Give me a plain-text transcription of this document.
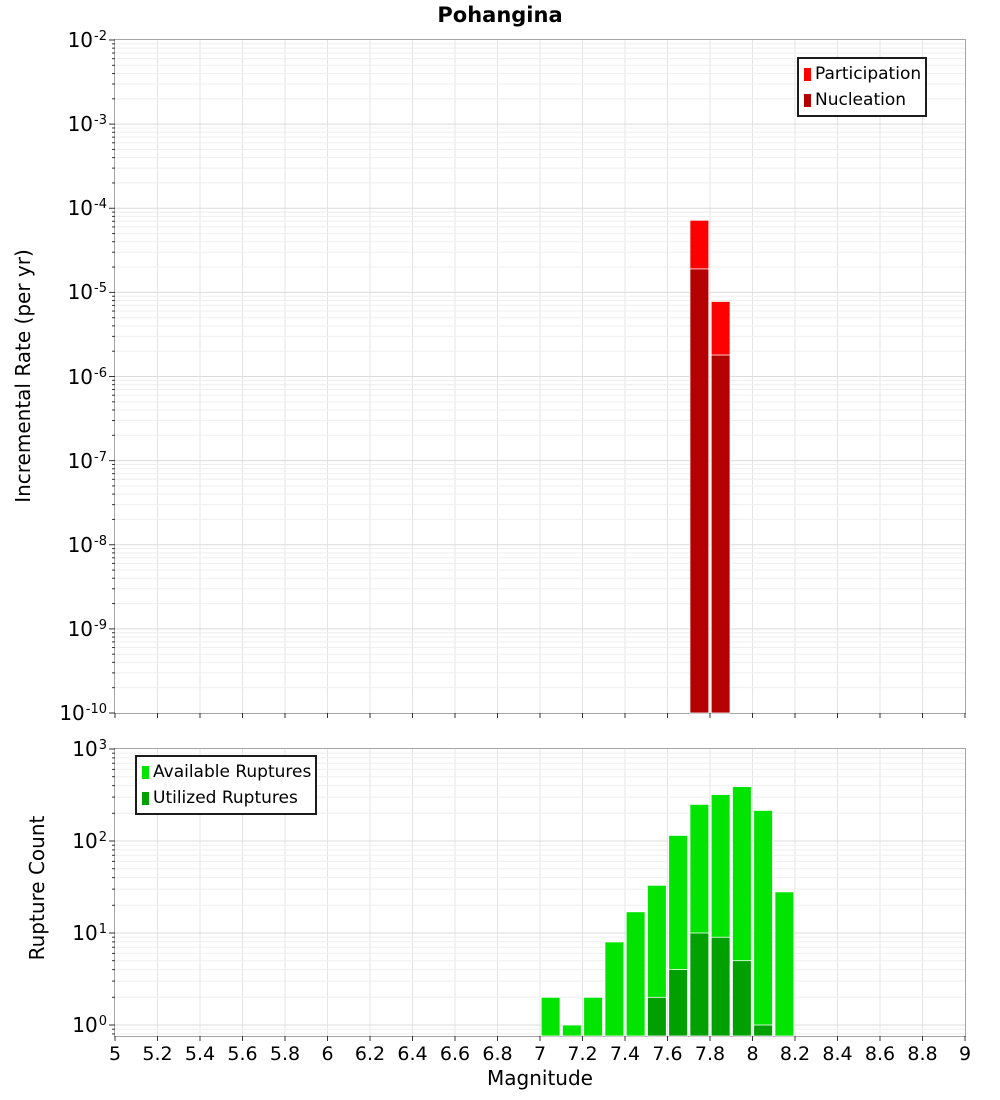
Pohangina
Incremental Rate (per yr)
Rupture Count
Magnitude
Participation
Nucleation
Available Ruptures
Utilized Ruptures
$10^{-2}$
$10^{-3}$
$10^{-4}$
$10^{-5}$
$10^{-6}$
$10^{-7}$
$10^{-8}$
$10^{-9}$
$10^{-10}$
$10^3$
$10^2$
$10^1$
$10^0$
5	5.2 5.4 5.6 5.8	6	6.2 6.4 6.6 6.8	7	7.2 7.4 7.6 7.8	8	8.2 8.4 8.6 8.8	9
